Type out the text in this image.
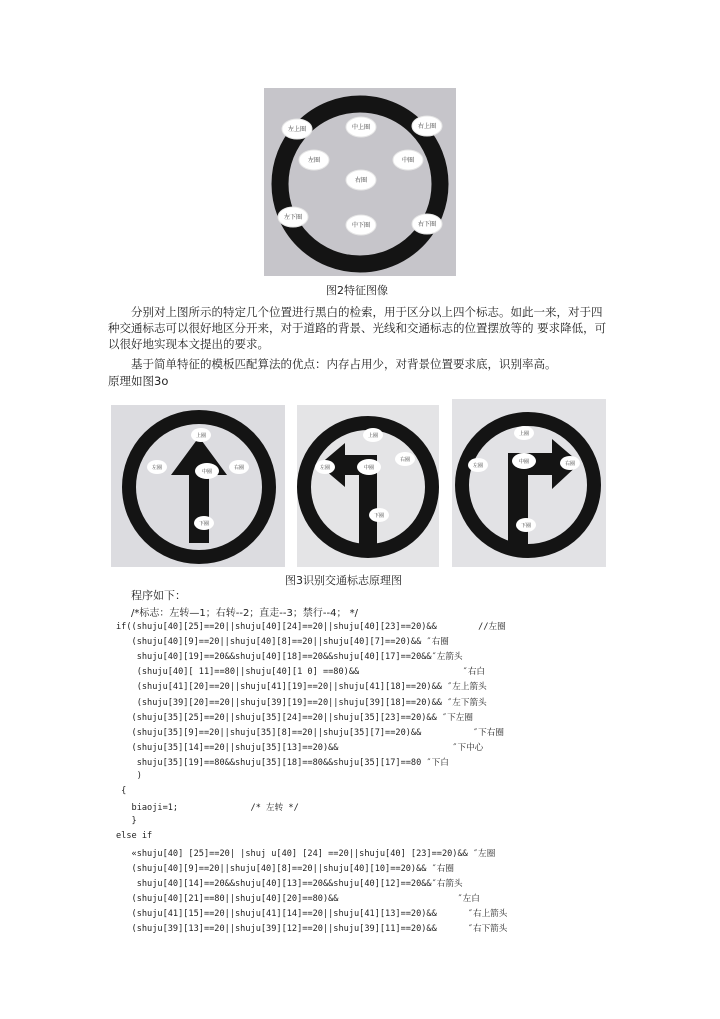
左上圈	中上圈	右上圈
左圈	中圈
右圈
左下圈
中下圈	右下圈
图2特征图像
分别对上图所示的特定几个位置进行黑白的检索，用于区分以上四个标志。如此一来，对于四种交通标志可以很好地区分开来，对于道路的背景、光线和交通标志的位置摆放等的 要求降低，可以很好地实现本文提出的要求。
基于简单特征的模板匹配算法的优点：内存占用少，对背景位置要求底，识别率高。
原理如图3o
上圈
左圈
中圈
右圈
下圈
左圈
上圈
中圈
右圈
下圈
左圈
上圈
中圈	右圈
下圈
图3识别交通标志原理图
程序如下：
/*标志：左转—1；右转--2；直走--3；禁行--4； */
if((shuju[40][25]==20||shuju[40][24]==20||shuju[40][23]==20)&&        //左圈
(shuju[40][9]==20||shuju[40][8]==20||shuju[40][7]==20)&& ″右圈
shuju[40][19]==20&&shuju[40][18]==20&&shuju[40][17]==20&&″左箭头
(shuju[40][ 11]==80||shuju[40][1 0] ==80)&&                    ″右白
(shuju[41][20]==20||shuju[41][19]==20||shuju[41][18]==20)&& ″左上箭头
(shuju[39][20]==20||shuju[39][19]==20||shuju[39][18]==20)&& ″左下箭头
(shuju[35][25]==20||shuju[35][24]==20||shuju[35][23]==20)&& ″下左圈
(shuju[35][9]==20||shuju[35][8]==20||shuju[35][7]==20)&&          ″下右圈
(shuju[35][14]==20||shuju[35][13]==20)&&                      ″下中心
shuju[35][19]==80&&shuju[35][18]==80&&shuju[35][17]==80 ″下白
)
{
biaoji=1;              /* 左转 */
}
else if
«shuju[40] [25]==20| |shuj u[40] [24] ==20||shuju[40] [23]==20)&& ″左圈
(shuju[40][9]==20||shuju[40][8]==20||shuju[40][10]==20)&& ″右圈
shuju[40][14]==20&&shuju[40][13]==20&&shuju[40][12]==20&&″右箭头
(shuju[40][21]==80||shuju[40][20]==80)&&                       ″左白
(shuju[41][15]==20||shuju[41][14]==20||shuju[41][13]==20)&&      ″右上箭头
(shuju[39][13]==20||shuju[39][12]==20||shuju[39][11]==20)&&      ″右下箭头
